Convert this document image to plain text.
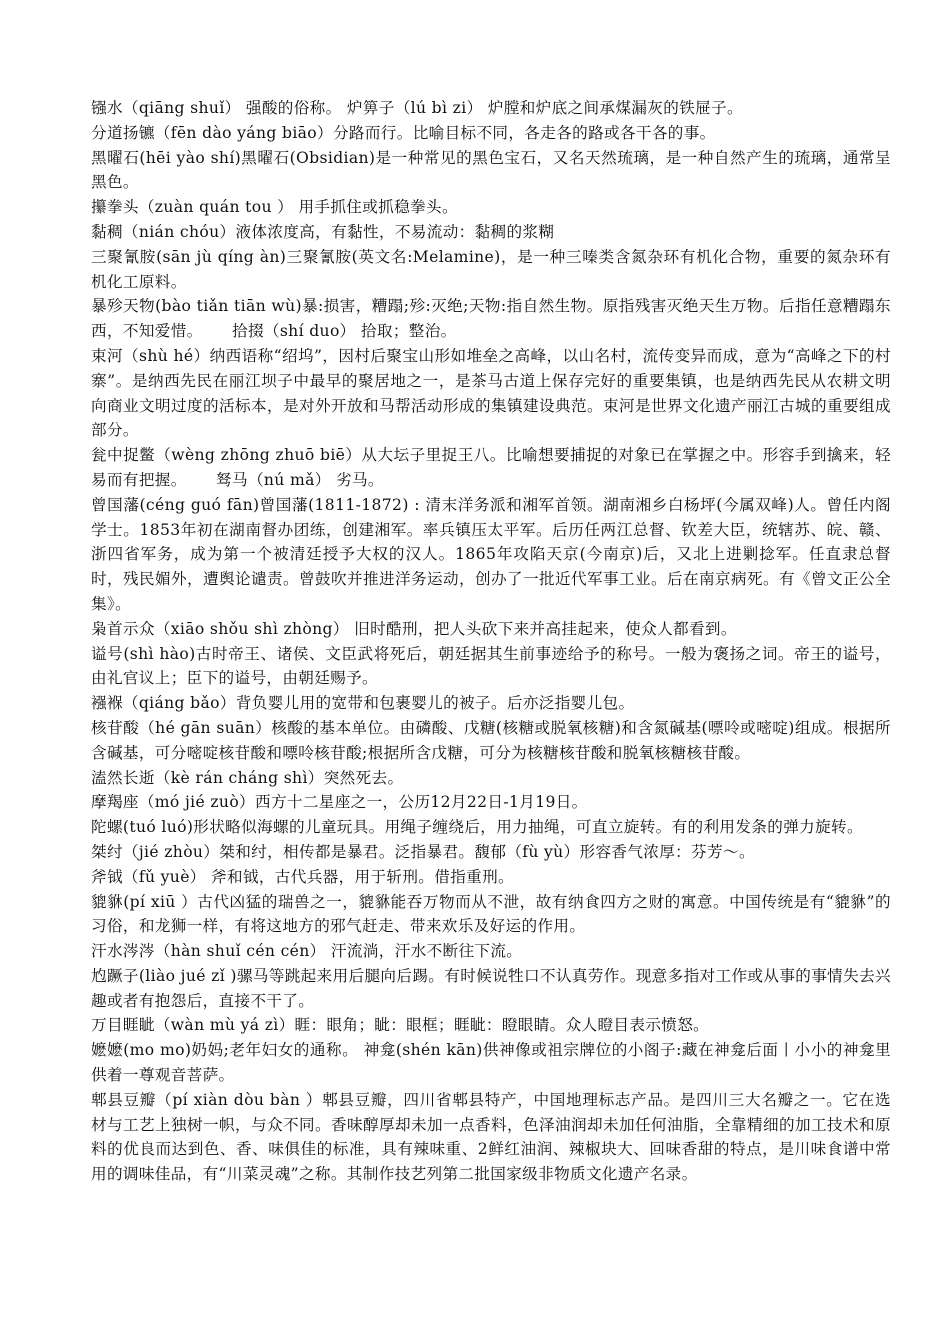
镪水（qiāng shuǐ） 强酸的俗称。 炉箅子（lú bì zi） 炉膛和炉底之间承煤漏灰的铁屉子。

分道扬镳（fēn dào yáng biāo）分路而行。比喻目标不同，各走各的路或各干各的事。

黑曜石(hēi yào shí)黑曜石(Obsidian)是一种常见的黑色宝石，又名天然琉璃，是一种自然产生的琉璃，通常呈黑色。

攥拳头（zuàn quán tou ） 用手抓住或抓稳拳头。

黏稠（nián chóu）液体浓度高，有黏性，不易流动：黏稠的浆糊

三聚氰胺(sān jù qíng àn)三聚氰胺(英文名:Melamine)，是一种三嗪类含氮杂环有机化合物，重要的氮杂环有机化工原料。

暴殄天物(bào tiǎn tiān wù)暴:损害，糟蹋;殄:灭绝;天物:指自然生物。原指残害灭绝天生万物。后指任意糟蹋东西，不知爱惜。　　 拾掇（shí duo） 拾取；整治。

束河（shù hé）纳西语称“绍坞”，因村后聚宝山形如堆垒之高峰，以山名村，流传变异而成，意为“高峰之下的村寨”。是纳西先民在丽江坝子中最早的聚居地之一，是茶马古道上保存完好的重要集镇，也是纳西先民从农耕文明向商业文明过度的活标本，是对外开放和马帮活动形成的集镇建设典范。束河是世界文化遗产丽江古城的重要组成部分。

瓮中捉鳖（wèng zhōng zhuō biē）从大坛子里捉王八。比喻想要捕捉的对象已在掌握之中。形容手到擒来，轻易而有把握。　　 驽马（nú mǎ） 劣马。

曾国藩(céng guó fān)曾国藩(1811-1872) : 清末洋务派和湘军首领。湖南湘乡白杨坪(今属双峰)人。曾任内阁学士。1853年初在湖南督办团练，创建湘军。率兵镇压太平军。后历任两江总督、钦差大臣，统辖苏、皖、赣、浙四省军务，成为第一个被清廷授予大权的汉人。1865年攻陷天京(今南京)后，又北上进剿捻军。任直隶总督时，残民媚外，遭舆论谴责。曾鼓吹并推进洋务运动，创办了一批近代军事工业。后在南京病死。有《曾文正公全集》。

枭首示众（xiāo shǒu shì zhòng） 旧时酷刑，把人头砍下来并高挂起来，使众人都看到。

谥号(shì hào)古时帝王、诸侯、文臣武将死后，朝廷据其生前事迹给予的称号。一般为褒扬之词。帝王的谥号，由礼官议上；臣下的谥号，由朝廷赐予。

襁褓（qiáng bǎo）背负婴儿用的宽带和包裹婴儿的被子。后亦泛指婴儿包。

核苷酸（hé gān suān）核酸的基本单位。由磷酸、戊糖(核糖或脱氧核糖)和含氮碱基(嘌呤或嘧啶)组成。根据所含碱基，可分嘧啶核苷酸和嘌呤核苷酸;根据所含戊糖，可分为核糖核苷酸和脱氧核糖核苷酸。

溘然长逝（kè rán cháng shì）突然死去。

摩羯座（mó jié zuò）西方十二星座之一，公历12月22日-1月19日。

陀螺(tuó luó)形状略似海螺的儿童玩具。用绳子缠绕后，用力抽绳，可直立旋转。有的利用发条的弹力旋转。

桀纣（jié zhòu）桀和纣，相传都是暴君。泛指暴君。馥郁（fù yù）形容香气浓厚：芬芳～。

斧钺（fǔ yuè） 斧和钺，古代兵器，用于斩刑。借指重刑。

貔貅(pí xiū ）古代凶猛的瑞兽之一，貔貅能吞万物而从不泄，故有纳食四方之财的寓意。中国传统是有“貔貅”的习俗，和龙狮一样，有将这地方的邪气赶走、带来欢乐及好运的作用。

汗水涔涔（hàn shuǐ cén cén） 汗流淌，汗水不断往下流。

尥蹶子(liào jué zǐ )骡马等跳起来用后腿向后踢。有时候说牲口不认真劳作。现意多指对工作或从事的事情失去兴趣或者有抱怨后，直接不干了。

万目睚眦（wàn mù yá zì）睚：眼角；眦：眼框；睚眦：瞪眼睛。众人瞪目表示愤怒。

嬷嬷(mo mo)奶妈;老年妇女的通称。 神龛(shén kān)供神像或祖宗牌位的小阁子:藏在神龛后面丨小小的神龛里供着一尊观音菩萨。

郫县豆瓣（pí xiàn dòu bàn ）郫县豆瓣，四川省郫县特产，中国地理标志产品。是四川三大名瓣之一。它在选材与工艺上独树一帜，与众不同。香味醇厚却未加一点香料，色泽油润却未加任何油脂，全靠精细的加工技术和原料的优良而达到色、香、味俱佳的标准，具有辣味重、2鲜红油润、辣椒块大、回味香甜的特点，是川味食谱中常用的调味佳品，有“川菜灵魂”之称。其制作技艺列第二批国家级非物质文化遗产名录。
